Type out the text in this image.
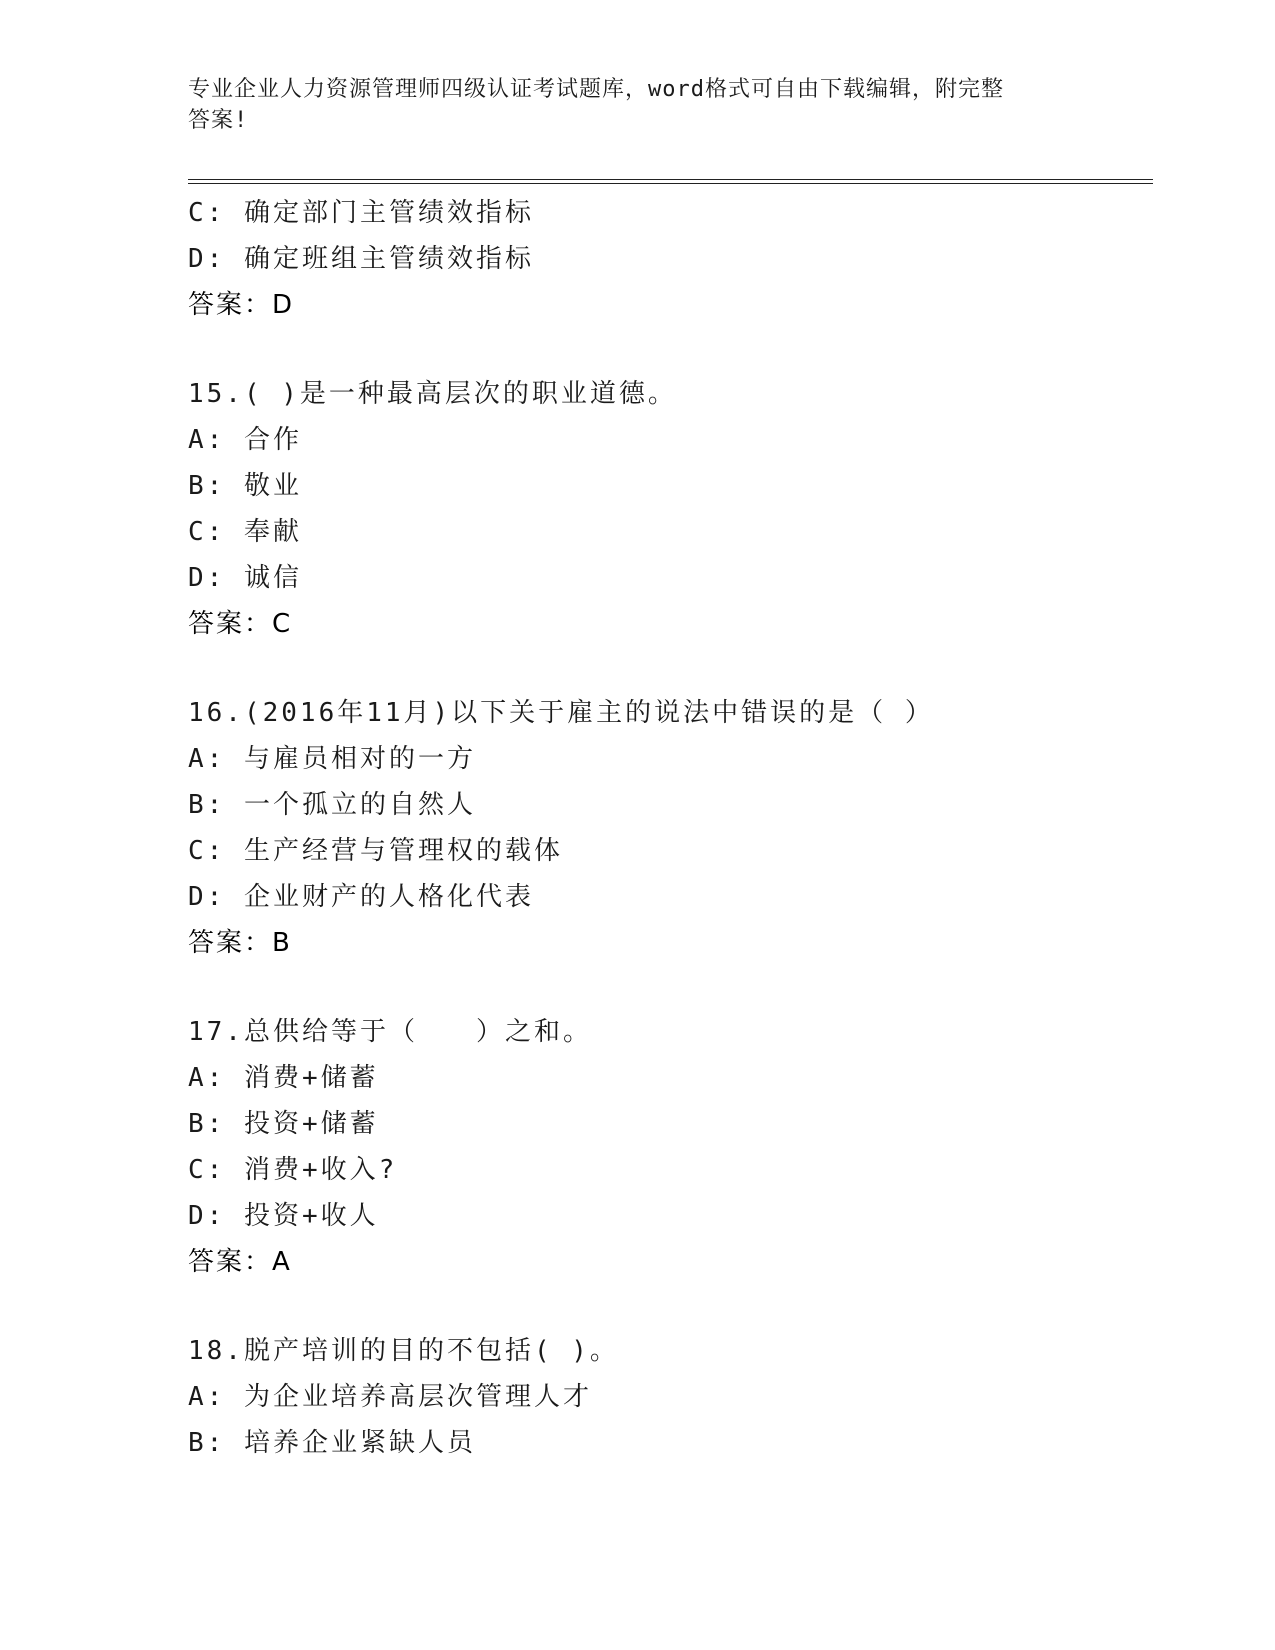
专业企业人力资源管理师四级认证考试题库，word格式可自由下载编辑，附完整
答案!
C: 确定部门主管绩效指标
D: 确定班组主管绩效指标
答案：D
15.( )是一种最高层次的职业道德。
A: 合作
B: 敬业
C: 奉献
D: 诚信
答案：C
16.(2016年11月)以下关于雇主的说法中错误的是（ ）
A: 与雇员相对的一方
B: 一个孤立的自然人
C: 生产经营与管理权的载体
D: 企业财产的人格化代表
答案：B
17.总供给等于（　　）之和。
A: 消费+储蓄
B: 投资+储蓄
C: 消费+收入?
D: 投资+收人
答案：A
18.脱产培训的目的不包括( )。
A: 为企业培养高层次管理人才
B: 培养企业紧缺人员
